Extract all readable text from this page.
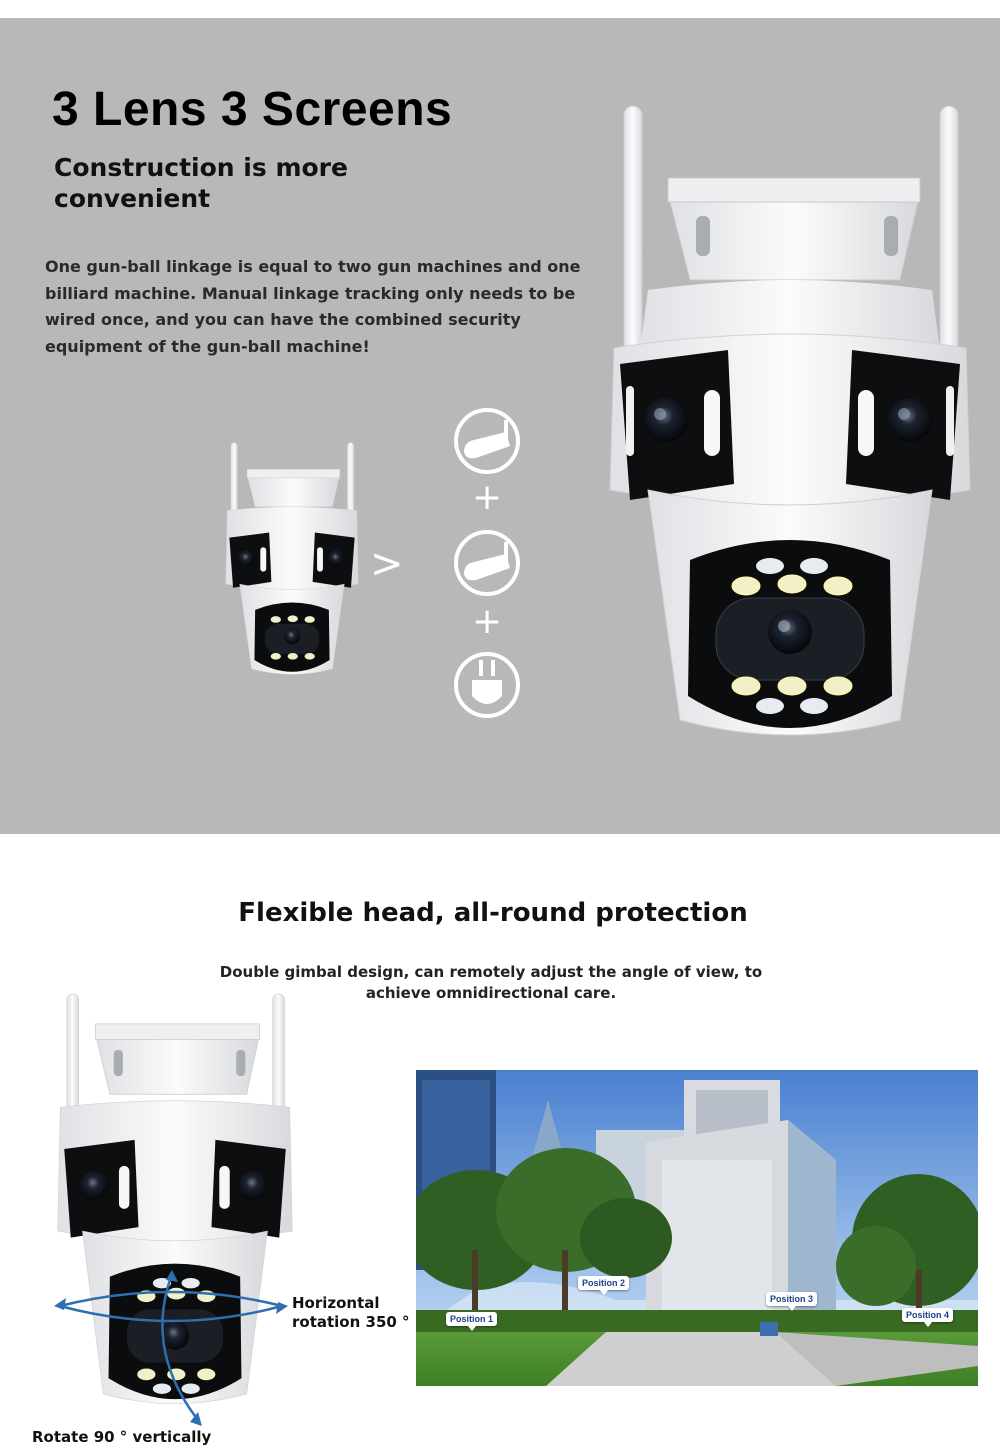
3 Lens 3 Screens
Construction is more convenient
One gun-ball linkage is equal to two gun machines and one billiard machine. Manual linkage tracking only needs to be wired once, and you can have the combined security equipment of the gun-ball machine!
>
+
+
Flexible head, all-round protection
Double gimbal design, can remotely adjust the angle of view, to achieve omnidirectional care.
Horizontal rotation 350 °
Rotate 90 ° vertically
Position 1
Position 2
Position 3
Position 4
